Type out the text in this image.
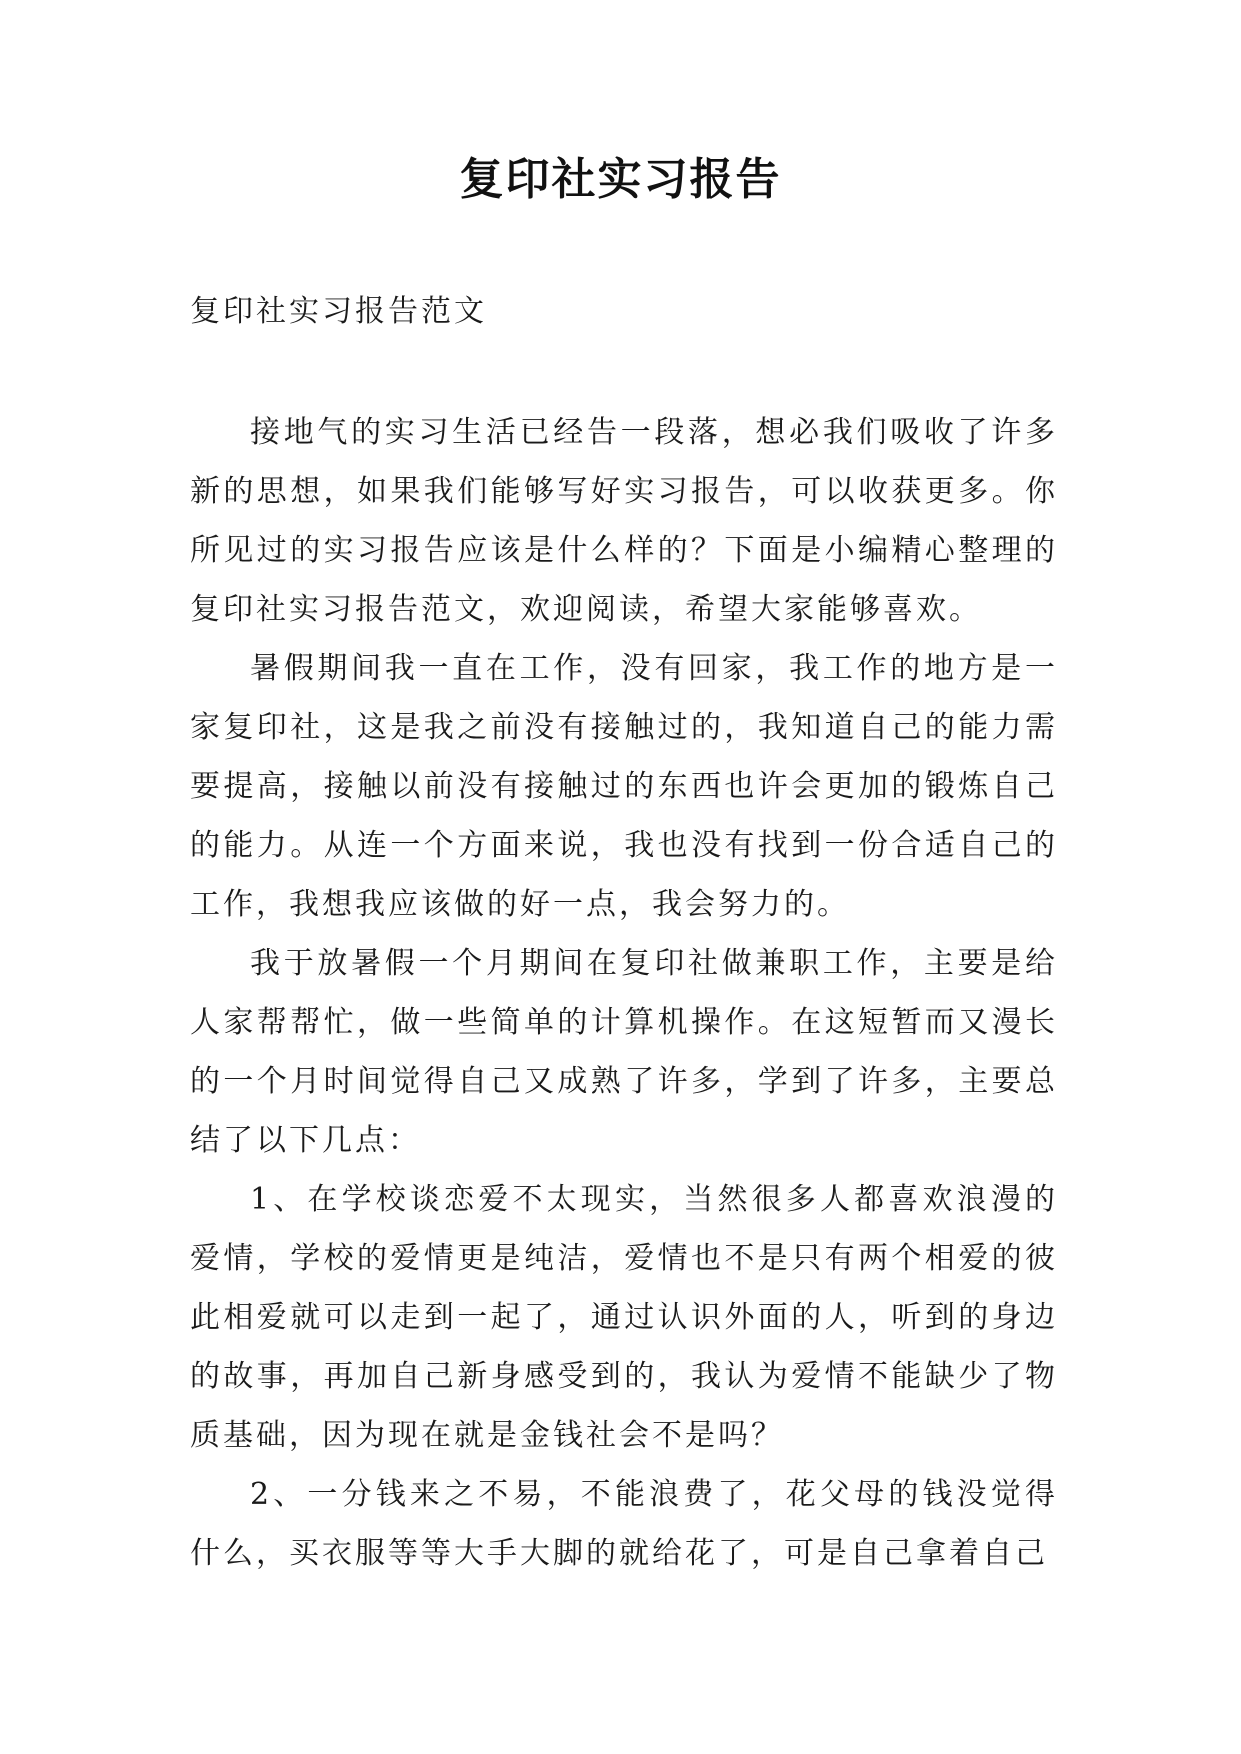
复印社实习报告
复印社实习报告范文

接地气的实习生活已经告一段落，想必我们吸收了许多新的思想，如果我们能够写好实习报告，可以收获更多。你所见过的实习报告应该是什么样的？下面是小编精心整理的复印社实习报告范文，欢迎阅读，希望大家能够喜欢。

暑假期间我一直在工作，没有回家，我工作的地方是一家复印社，这是我之前没有接触过的，我知道自己的能力需要提高，接触以前没有接触过的东西也许会更加的锻炼自己的能力。从连一个方面来说，我也没有找到一份合适自己的工作，我想我应该做的好一点，我会努力的。

我于放暑假一个月期间在复印社做兼职工作，主要是给人家帮帮忙，做一些简单的计算机操作。在这短暂而又漫长的一个月时间觉得自己又成熟了许多，学到了许多，主要总结了以下几点：

1、在学校谈恋爱不太现实，当然很多人都喜欢浪漫的爱情，学校的爱情更是纯洁，爱情也不是只有两个相爱的彼此相爱就可以走到一起了，通过认识外面的人，听到的身边的故事，再加自己新身感受到的，我认为爱情不能缺少了物质基础，因为现在就是金钱社会不是吗？

2、一分钱来之不易，不能浪费了，花父母的钱没觉得什么，买衣服等等大手大脚的就给花了，可是自己拿着自己
